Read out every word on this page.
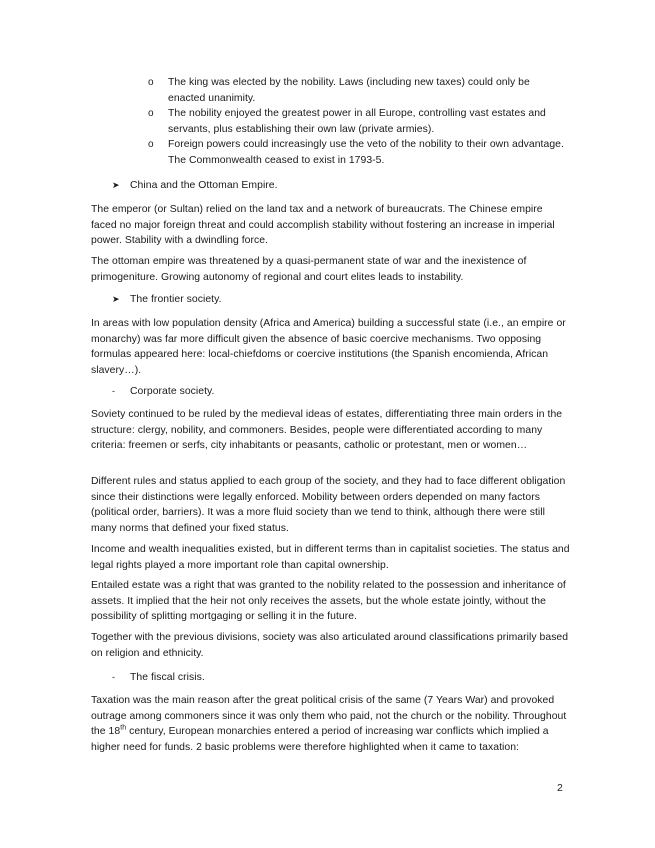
o The king was elected by the nobility. Laws (including new taxes) could only be enacted unanimity.
o The nobility enjoyed the greatest power in all Europe, controlling vast estates and servants, plus establishing their own law (private armies).
o Foreign powers could increasingly use the veto of the nobility to their own advantage. The Commonwealth ceased to exist in 1793-5.
➤ China and the Ottoman Empire.

The emperor (or Sultan) relied on the land tax and a network of bureaucrats. The Chinese empire faced no major foreign threat and could accomplish stability without fostering an increase in imperial power. Stability with a dwindling force.

The ottoman empire was threatened by a quasi-permanent state of war and the inexistence of primogeniture. Growing autonomy of regional and court elites leads to instability.

➤ The frontier society.

In areas with low population density (Africa and America) building a successful state (i.e., an empire or monarchy) was far more difficult given the absence of basic coercive mechanisms. Two opposing formulas appeared here: local-chiefdoms or coercive institutions (the Spanish encomienda, African slavery…).

- Corporate society.

Soviety continued to be ruled by the medieval ideas of estates, differentiating three main orders in the structure: clergy, nobility, and commoners. Besides, people were differentiated according to many criteria: freemen or serfs, city inhabitants or peasants, catholic or protestant, men or women…

Different rules and status applied to each group of the society, and they had to face different obligation since their distinctions were legally enforced. Mobility between orders depended on many factors (political order, barriers). It was a more fluid society than we tend to think, although there were still many norms that defined your fixed status.

Income and wealth inequalities existed, but in different terms than in capitalist societies. The status and legal rights played a more important role than capital ownership.

Entailed estate was a right that was granted to the nobility related to the possession and inheritance of assets. It implied that the heir not only receives the assets, but the whole estate jointly, without the possibility of splitting mortgaging or selling it in the future.

Together with the previous divisions, society was also articulated around classifications primarily based on religion and ethnicity.

- The fiscal crisis.

Taxation was the main reason after the great political crisis of the same (7 Years War) and provoked outrage among commoners since it was only them who paid, not the church or the nobility. Throughout the 18th century, European monarchies entered a period of increasing war conflicts which implied a higher need for funds. 2 basic problems were therefore highlighted when it came to taxation:

2
